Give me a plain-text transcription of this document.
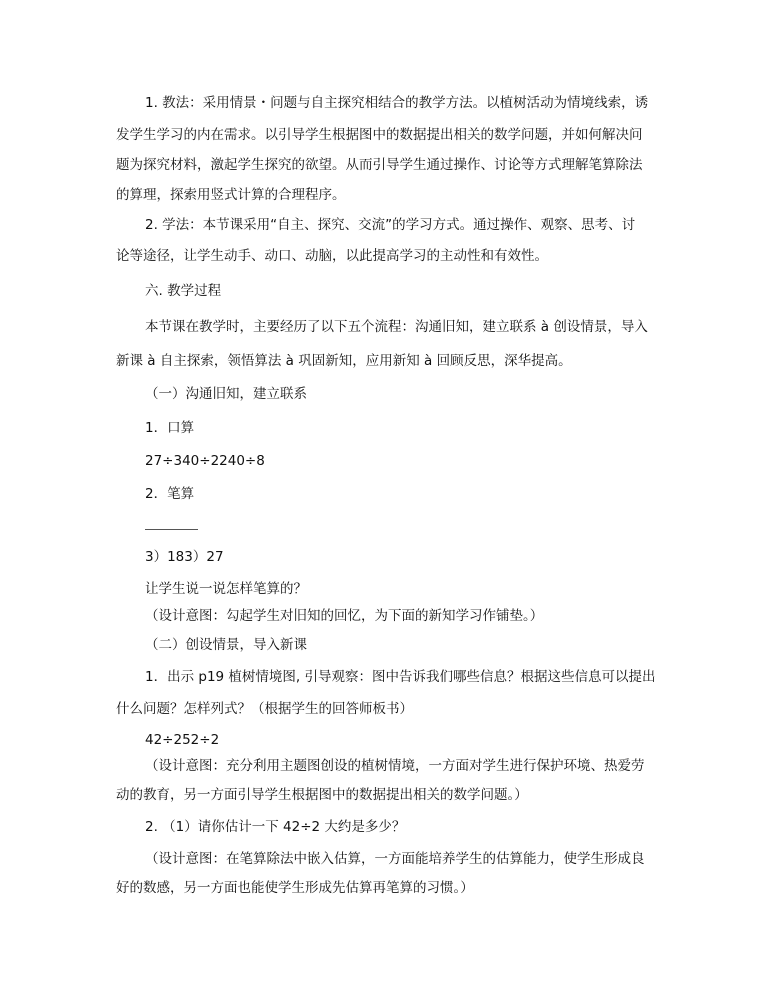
1. 教法：采用情景・问题与自主探究相结合的教学方法。以植树活动为情境线索，诱
发学生学习的内在需求。以引导学生根据图中的数据提出相关的数学问题，并如何解决问
题为探究材料，激起学生探究的欲望。从而引导学生通过操作、讨论等方式理解笔算除法
的算理，探索用竖式计算的合理程序。
2. 学法：本节课采用“自主、探究、交流”的学习方式。通过操作、观察、思考、讨
论等途径，让学生动手、动口、动脑，以此提高学习的主动性和有效性。
六. 教学过程
本节课在教学时，主要经历了以下五个流程：沟通旧知，建立联系 à 创设情景，导入
新课 à 自主探索，领悟算法 à 巩固新知，应用新知 à 回顾反思，深华提高。
（一）沟通旧知，建立联系
1．口算
27÷340÷2240÷8
2．笔算
3）183）27
让学生说一说怎样笔算的？
（设计意图：勾起学生对旧知的回忆，为下面的新知学习作铺垫。）
（二）创设情景，导入新课
1．出示 p19 植树情境图, 引导观察：图中告诉我们哪些信息？根据这些信息可以提出
什么问题？怎样列式？（根据学生的回答师板书）
42÷252÷2
（设计意图：充分利用主题图创设的植树情境，一方面对学生进行保护环境、热爱劳
动的教育，另一方面引导学生根据图中的数据提出相关的数学问题。）
2. （1）请你估计一下 42÷2 大约是多少？
（设计意图：在笔算除法中嵌入估算，一方面能培养学生的估算能力，使学生形成良
好的数感，另一方面也能使学生形成先估算再笔算的习惯。）
